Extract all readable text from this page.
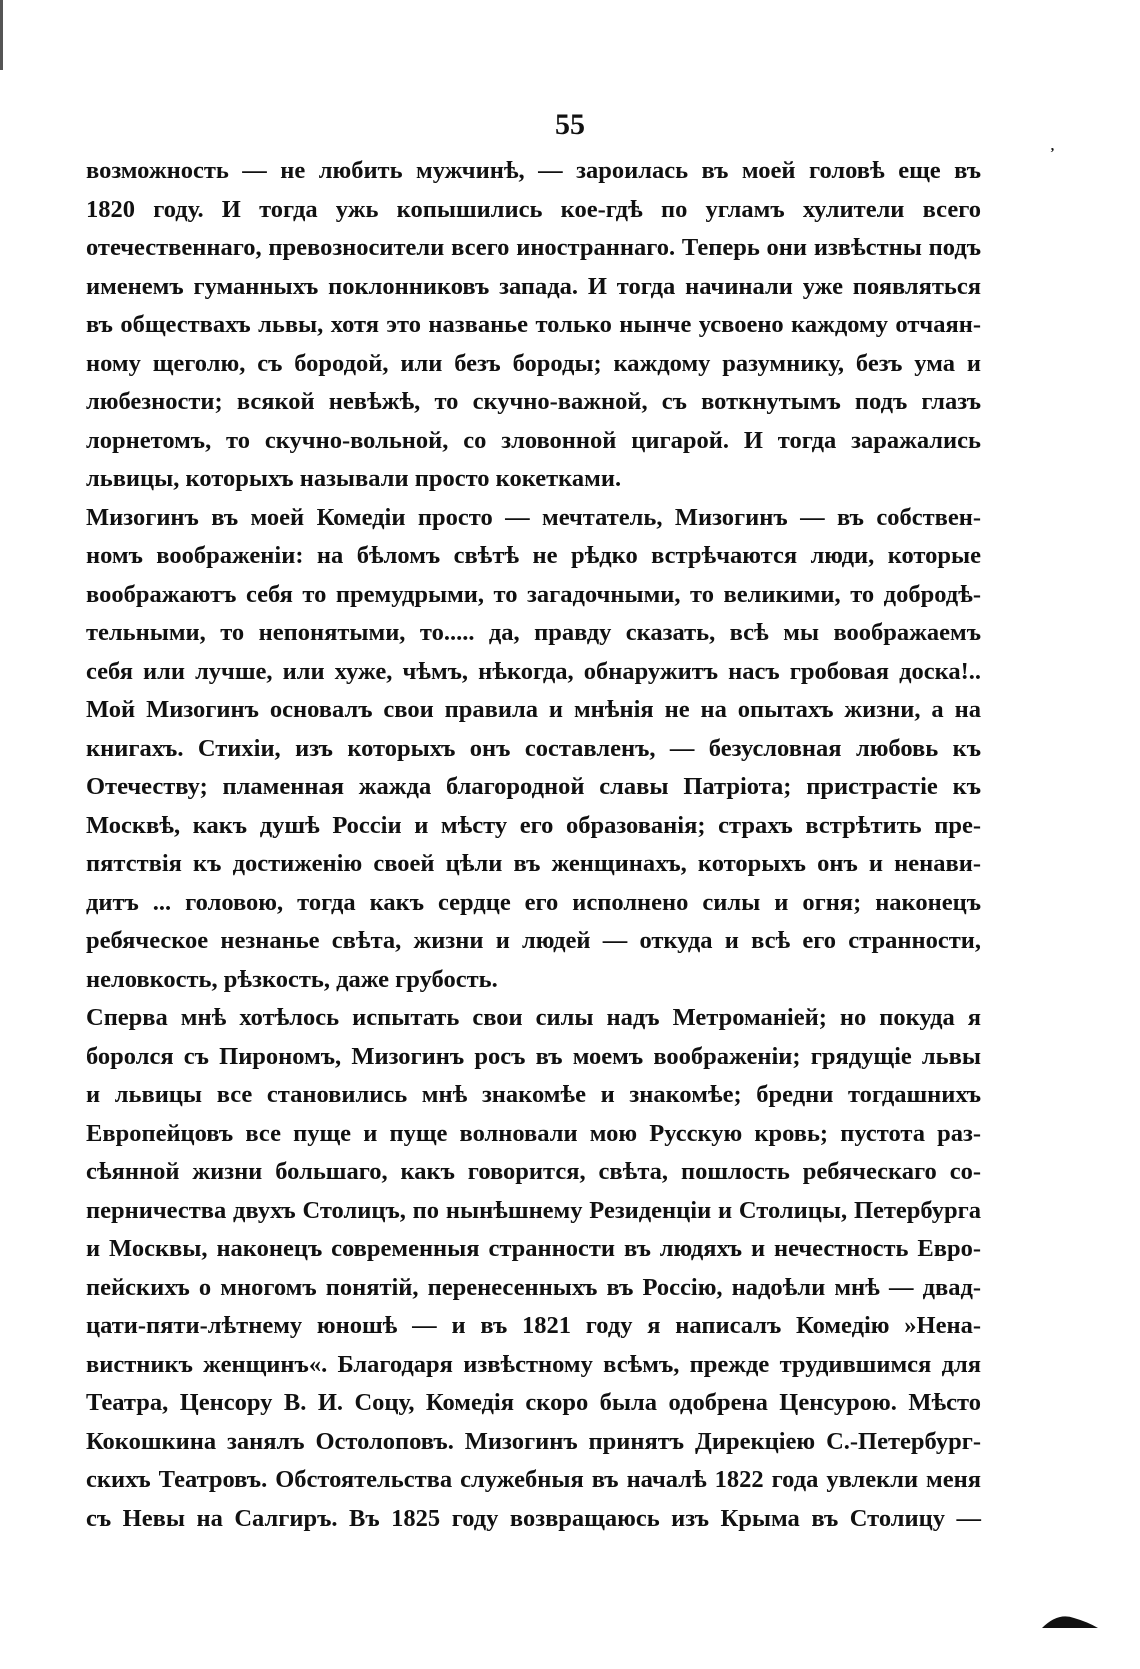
’
55
возможность — не любить мужчинѣ, — зароилась въ моей головѣ еще въ
1820 году. И тогда ужь копышились кое-гдѣ по угламъ хулители всего
отечественнаго, превозносители всего иностраннаго. Теперь они извѣстны подъ
именемъ гуманныхъ поклонниковъ запада. И тогда начинали уже появляться
въ обществахъ львы, хотя это названье только нынче усвоено каждому отчаян-
ному щеголю, съ бородой, или безъ бороды; каждому разумнику, безъ ума и
любезности; всякой невѣжѣ, то скучно-важной, съ воткнутымъ подъ глазъ
лорнетомъ, то скучно-вольной, со зловонной цигарой. И тогда заражались
львицы, которыхъ называли просто кокетками.
Мизогинъ въ моей Комедіи просто — мечтатель, Мизогинъ — въ собствен-
номъ воображеніи: на бѣломъ свѣтѣ не рѣдко встрѣчаются люди, которые
воображаютъ себя то премудрыми, то загадочными, то великими, то добродѣ-
тельными, то непонятыми, то..... да, правду сказать, всѣ мы воображаемъ
себя или лучше, или хуже, чѣмъ, нѣкогда, обнаружитъ насъ гробовая доска!..
Мой Мизогинъ основалъ свои правила и мнѣнія не на опытахъ жизни, а на
книгахъ. Стихіи, изъ которыхъ онъ составленъ, — безусловная любовь къ
Отечеству; пламенная жажда благородной славы Патріота; пристрастіе къ
Москвѣ, какъ душѣ Россіи и мѣсту его образованія; страхъ встрѣтить пре-
пятствія къ достиженію своей цѣли въ женщинахъ, которыхъ онъ и ненави-
дитъ ... головою, тогда какъ сердце его исполнено силы и огня; наконецъ
ребяческое незнанье свѣта, жизни и людей — откуда и всѣ его странности,
неловкость, рѣзкость, даже грубость.
Сперва мнѣ хотѣлось испытать свои силы надъ Метроманіей; но покуда я
боролся съ Пирономъ, Мизогинъ росъ въ моемъ воображеніи; грядущіе львы
и львицы все становились мнѣ знакомѣе и знакомѣе; бредни тогдашнихъ
Европейцовъ все пуще и пуще волновали мою Русскую кровь; пустота раз-
сѣянной жизни большаго, какъ говорится, свѣта, пошлость ребяческаго со-
перничества двухъ Столицъ, по нынѣшнему Резиденціи и Столицы, Петербурга
и Москвы, наконецъ современныя странности въ людяхъ и нечестность Евро-
пейскихъ о многомъ понятій, перенесенныхъ въ Россію, надоѣли мнѣ — двад-
цати-пяти-лѣтнему юношѣ — и въ 1821 году я написалъ Комедію »Нена-
вистникъ женщинъ«. Благодаря извѣстному всѣмъ, прежде трудившимся для
Театра, Ценсору В. И. Соцу, Комедія скоро была одобрена Ценсурою. Мѣсто
Кокошкина занялъ Остолоповъ. Мизогинъ принятъ Дирекціею С.-Петербург-
скихъ Театровъ. Обстоятельства служебныя въ началѣ 1822 года увлекли меня
съ Невы на Салгиръ. Въ 1825 году возвращаюсь изъ Крыма въ Столицу —
